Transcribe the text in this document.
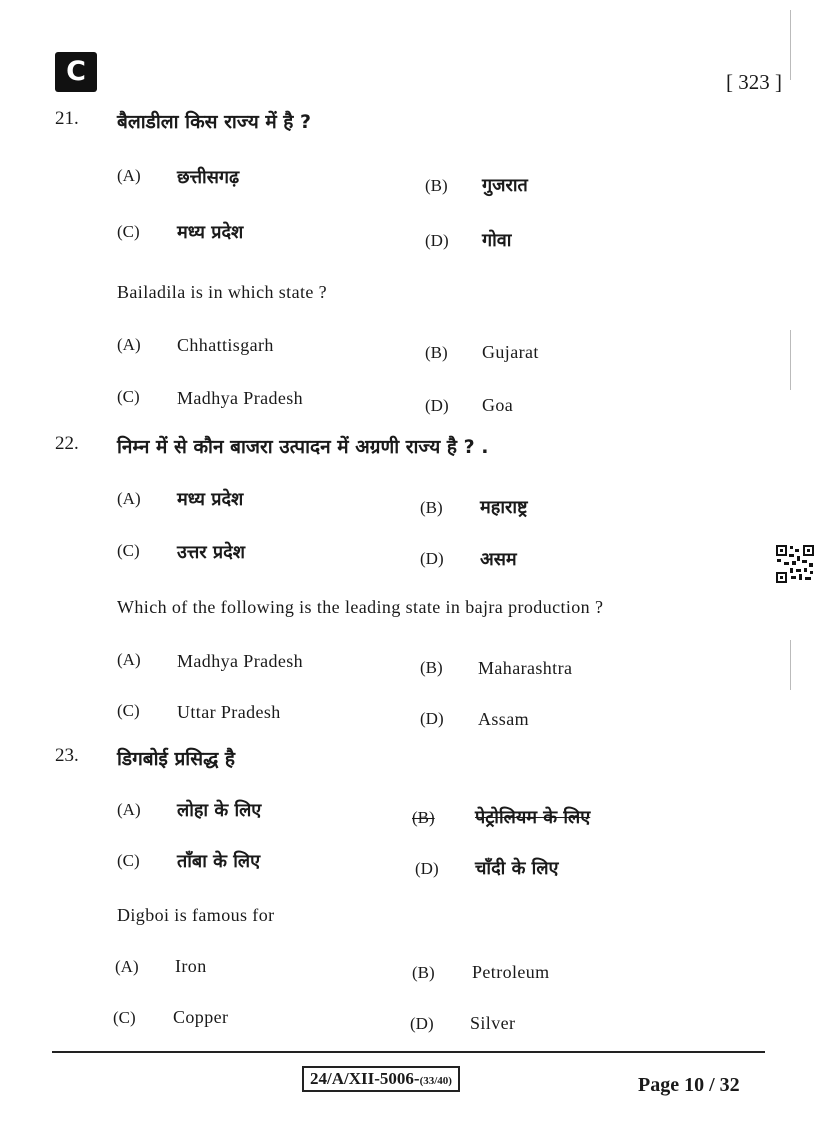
C	[ 323 ]
21. बैलाडीला किस राज्य में है ?
(A) छत्तीसगढ़	(B) गुजरात
(C) मध्य प्रदेश	(D) गोवा
Bailadila is in which state ?
(A) Chhattisgarh	(B) Gujarat
(C) Madhya Pradesh	(D) Goa
22. निम्न में से कौन बाजरा उत्पादन में अग्रणी राज्य है ? .
(A) मध्य प्रदेश	(B) महाराष्ट्र
(C) उत्तर प्रदेश	(D) असम
Which of the following is the leading state in bajra production ?
(A) Madhya Pradesh	(B) Maharashtra
(C) Uttar Pradesh	(D) Assam
23. डिगबोई प्रसिद्ध है
(A) लोहा के लिए	(B) पेट्रोलियम के लिए
(C) ताँबा के लिए	(D) चाँदी के लिए
Digboi is famous for
(A) Iron	(B) Petroleum
(C) Copper	(D) Silver
24/A/XII-5006-(33/40)	Page 10 / 32
